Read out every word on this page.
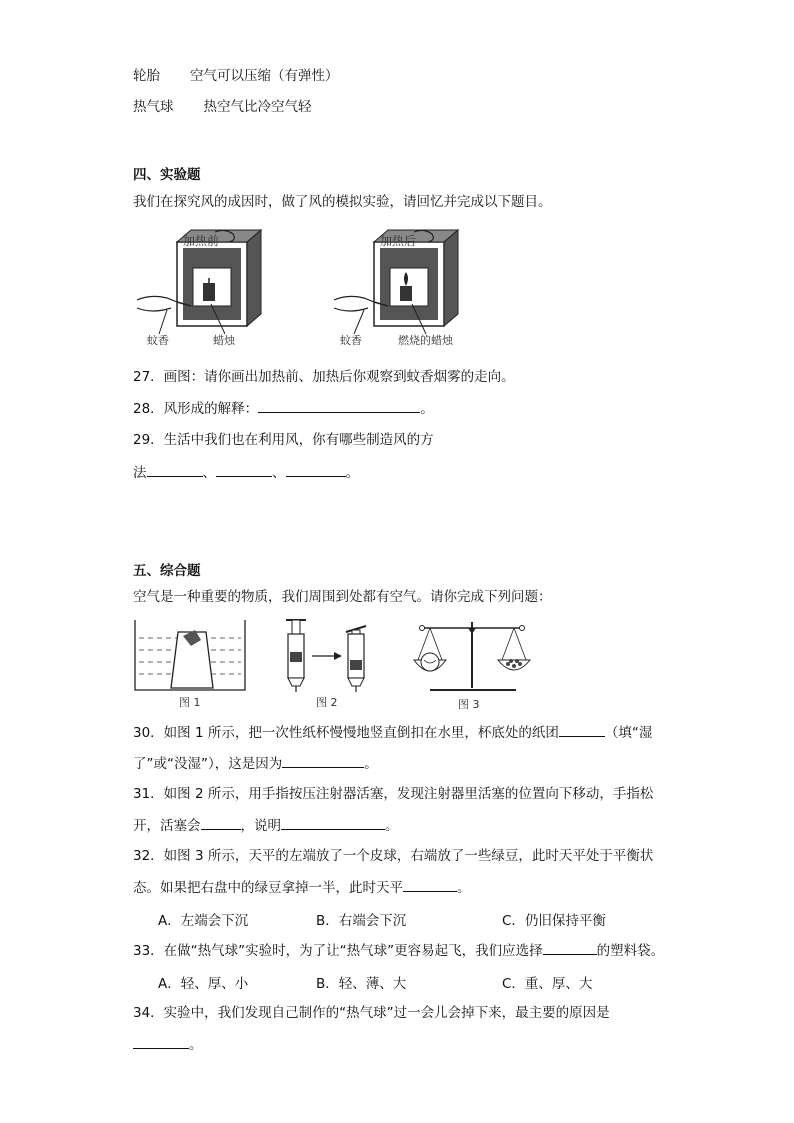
轮胎 空气可以压缩（有弹性）
热气球 热空气比冷空气轻
四、实验题
我们在探究风的成因时，做了风的模拟实验，请回忆并完成以下题目。
加热前
蚊香	蜡烛
加热后
蚊香	燃烧的蜡烛
27．画图：请你画出加热前、加热后你观察到蚊香烟雾的走向。
28．风形成的解释：	。
29．生活中我们也在利用风，你有哪些制造风的方
法	、	、	。
五、综合题
空气是一种重要的物质，我们周围到处都有空气。请你完成下列问题：
图 1	图 2	图 3
30．如图 1 所示，把一次性纸杯慢慢地竖直倒扣在水里，杯底处的纸团	（填“湿
了”或“没湿”），这是因为	。
31．如图 2 所示，用手指按压注射器活塞，发现注射器里活塞的位置向下移动，手指松
开，活塞会	，说明	。
32．如图 3 所示，天平的左端放了一个皮球，右端放了一些绿豆，此时天平处于平衡状
态。如果把右盘中的绿豆拿掉一半，此时天平	。
A．左端会下沉	B．右端会下沉	C．仍旧保持平衡
33．在做“热气球”实验时，为了让“热气球”更容易起飞，我们应选择	的塑料袋。
A．轻、厚、小	B．轻、薄、大	C．重、厚、大
34．实验中，我们发现自己制作的“热气球”过一会儿会掉下来，最主要的原因是
。
